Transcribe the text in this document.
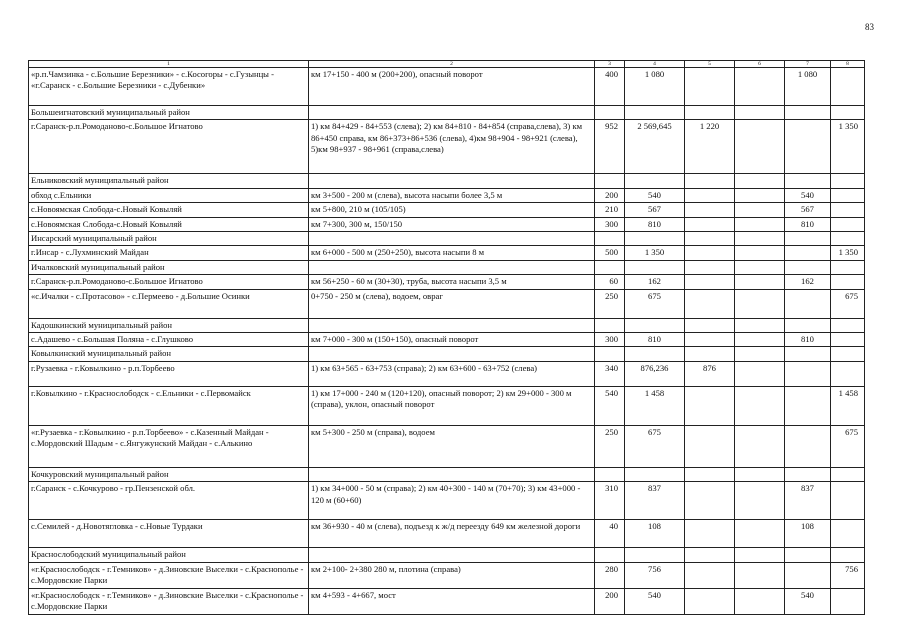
83
1	2	3	4	5	6	7	8
«р.п.Чамзинка - с.Большие Березники» - с.Косогоры - с.Гузынцы - «г.Саранск - с.Большие Березники - с.Дубенки»	км 17+150 - 400 м (200+200), опасный поворот	400	1 080			1 080	
Большеигнатовский муниципальный район							
г.Саранск-р.п.Ромоданово-с.Большое Игнатово	1) км 84+429 - 84+553 (слева); 2) км 84+810 - 84+854 (справа,слева), 3) км 86+450 справа, км 86+373+86+536 (слева), 4)км 98+904 - 98+921 (слева), 5)км 98+937 - 98+961 (справа,слева)	952	2 569,645	1 220			1 350
Ельниковский муниципальный район							
обход с.Ельники	км 3+500 - 200 м (слева), высота насыпи более 3,5 м	200	540			540	
с.Новоямская Слобода-с.Новый Ковыляй	км 5+800, 210 м (105/105)	210	567			567	
с.Новоямская Слобода-с.Новый Ковыляй	км 7+300, 300 м, 150/150	300	810			810	
Инсарский муниципальный район							
г.Инсар - с.Лухминский Майдан	км 6+000 - 500 м (250+250), высота насыпи 8 м	500	1 350				1 350
Ичалковский муниципальный район							
г.Саранск-р.п.Ромоданово-с.Большое Игнатово	км 56+250 - 60 м (30+30), труба, высота насыпи 3,5 м	60	162			162	
«с.Ичалки - с.Протасово» - с.Пермеево - д.Большие Осинки	0+750 - 250 м (слева), водоем, овраг	250	675				675
Кадошкинский муниципальный район							
с.Адашево - с.Большая Поляна - с.Глушково	км 7+000 - 300 м (150+150), опасный поворот	300	810			810	
Ковылкинский муниципальный район							
г.Рузаевка - г.Ковылкино - р.п.Торбеево	1) км 63+565 - 63+753 (справа); 2) км 63+600 - 63+752 (слева)	340	876,236	876			
г.Ковылкино - г.Краснослободск - с.Ельники - с.Первомайск	1) км 17+000 - 240 м (120+120), опасный поворот; 2) км 29+000 - 300 м (справа), уклон, опасный поворот	540	1 458				1 458
«г.Рузаевка - г.Ковылкино - р.п.Торбеево» - с.Казенный Майдан - с.Мордовский Шадым - с.Янгужунский Майдан - с.Алькино	км 5+300 - 250 м (справа), водоем	250	675				675
Кочкуровский муниципальный район							
г.Саранск - с.Кочкурово - гр.Пензенской обл.	1) км 34+000 - 50 м (справа); 2) км 40+300 - 140 м (70+70); 3) км 43+000 - 120 м (60+60)	310	837			837	
с.Семилей - д.Новотягловка - с.Новые Турдаки	км 36+930 - 40 м (слева), подъезд к ж/д переезду 649 км железной дороги	40	108			108	
Краснослободский муниципальный район							
«г.Краснослободск - г.Темников» - д.Зиновские Выселки - с.Краснополье - с.Мордовские Парки	км 2+100- 2+380 280 м, плотина (справа)	280	756				756
«г.Краснослободск - г.Темников» - д.Зиновские Выселки - с.Краснополье - с.Мордовские Парки	км 4+593 - 4+667, мост	200	540			540	
